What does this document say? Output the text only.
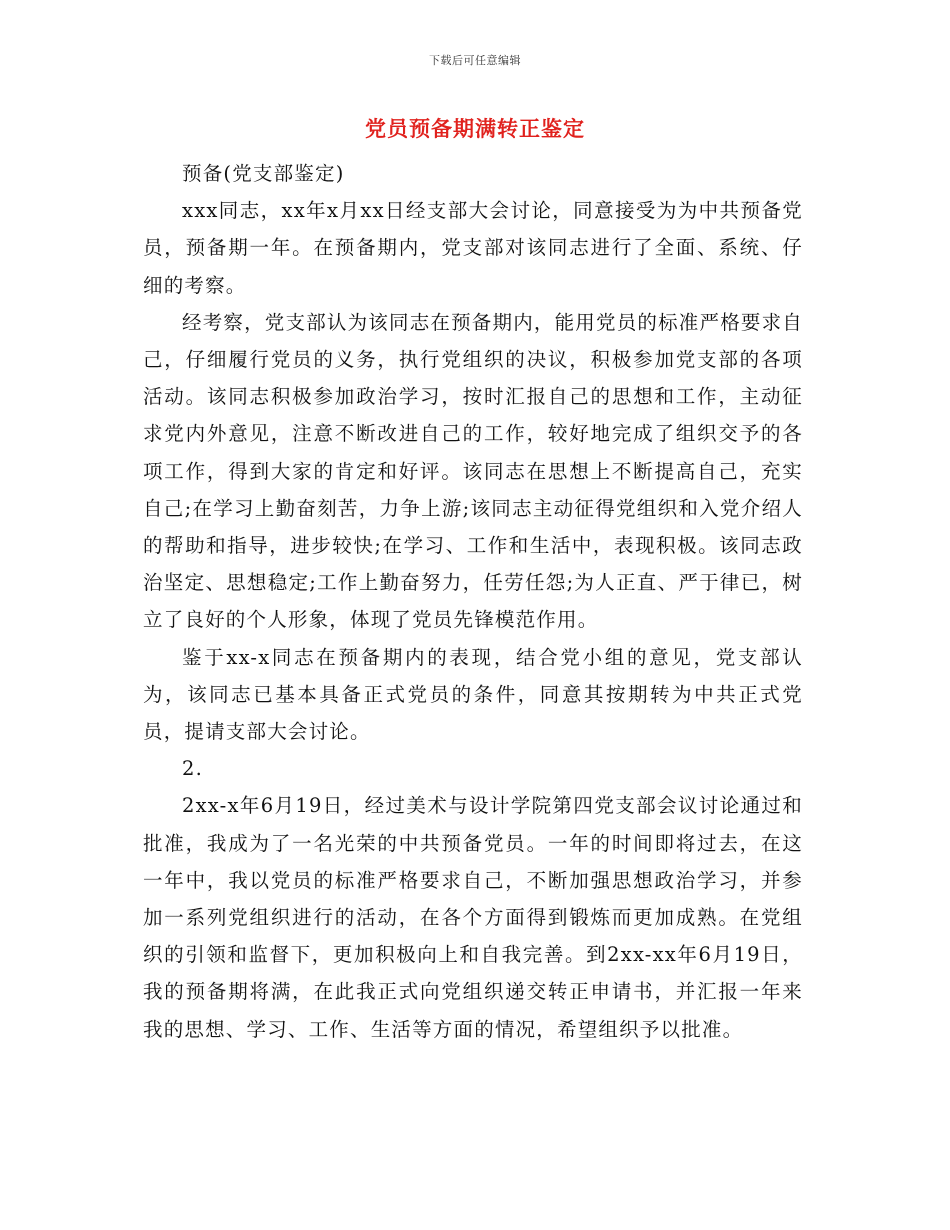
下载后可任意编辑
党员预备期满转正鉴定

预备(党支部鉴定)

xxx同志，xx年x月xx日经支部大会讨论，同意接受为为中共预备党员，预备期一年。在预备期内，党支部对该同志进行了全面、系统、仔细的考察。

经考察，党支部认为该同志在预备期内，能用党员的标准严格要求自己，仔细履行党员的义务，执行党组织的决议，积极参加党支部的各项活动。该同志积极参加政治学习，按时汇报自己的思想和工作，主动征求党内外意见，注意不断改进自己的工作，较好地完成了组织交予的各项工作，得到大家的肯定和好评。该同志在思想上不断提高自己，充实自己;在学习上勤奋刻苦，力争上游;该同志主动征得党组织和入党介绍人的帮助和指导，进步较快;在学习、工作和生活中，表现积极。该同志政治坚定、思想稳定;工作上勤奋努力，任劳任怨;为人正直、严于律已，树立了良好的个人形象，体现了党员先锋模范作用。

鉴于xx-x同志在预备期内的表现，结合党小组的意见，党支部认为，该同志已基本具备正式党员的条件，同意其按期转为中共正式党员，提请支部大会讨论。

2.

2xx-x年6月19日，经过美术与设计学院第四党支部会议讨论通过和批准，我成为了一名光荣的中共预备党员。一年的时间即将过去，在这一年中，我以党员的标准严格要求自己，不断加强思想政治学习，并参加一系列党组织进行的活动，在各个方面得到锻炼而更加成熟。在党组织的引领和监督下，更加积极向上和自我完善。到2xx-xx年6月19日，我的预备期将满，在此我正式向党组织递交转正申请书，并汇报一年来我的思想、学习、工作、生活等方面的情况，希望组织予以批准。
